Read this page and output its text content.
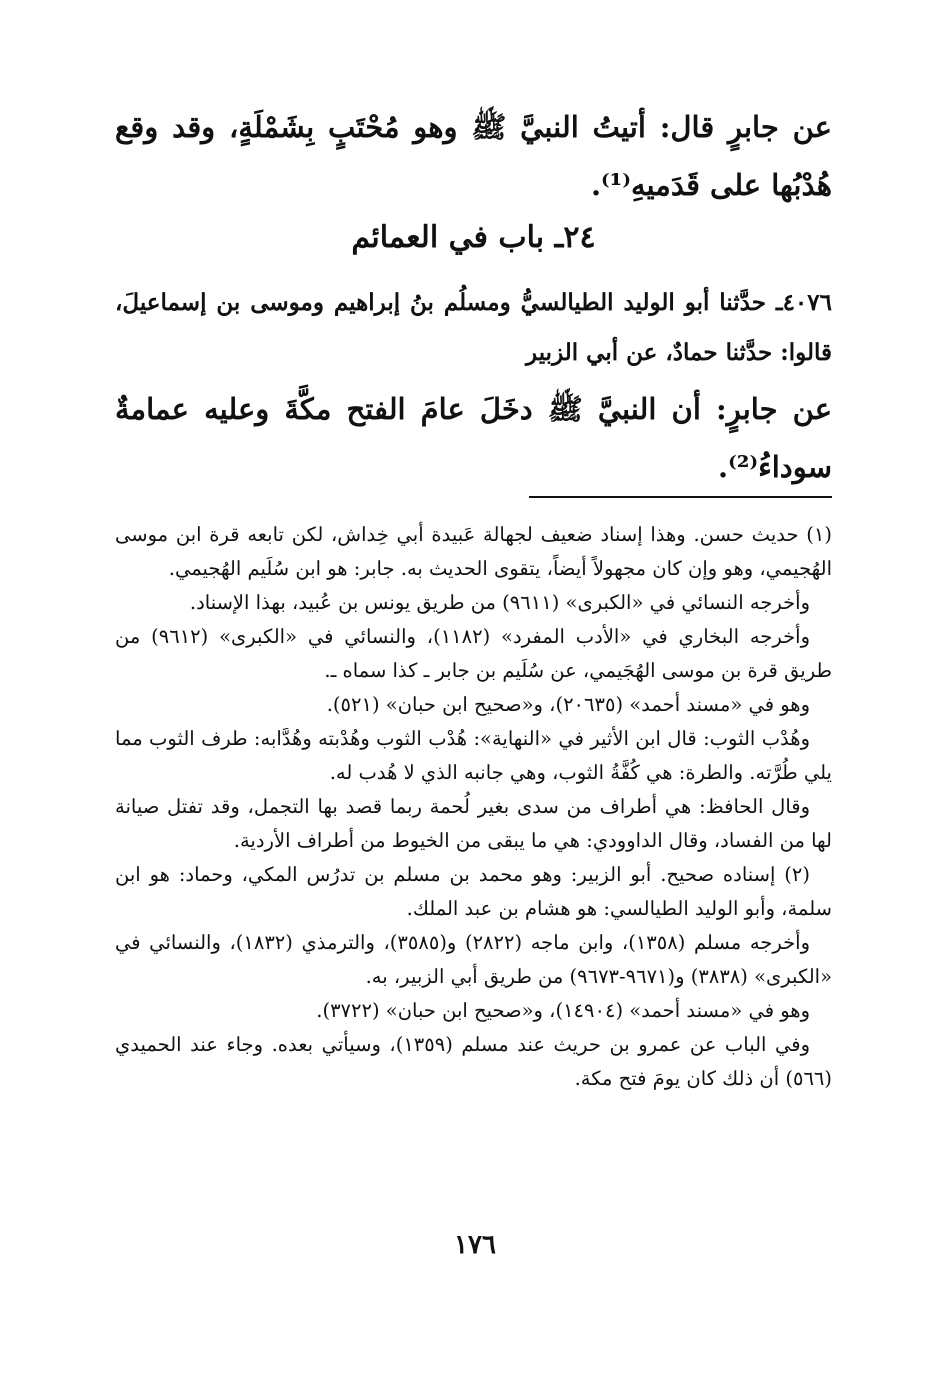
عن جابرٍ قال: أتيتُ النبيَّ ﷺ وهو مُحْتَبٍ بِشَمْلَةٍ، وقد وقع هُدْبُها على قَدَميهِ⁽¹⁾.
٢٤ـ باب في العمائم
٤٠٧٦ـ حدَّثنا أبو الوليد الطيالسيُّ ومسلُم بنُ إبراهيم وموسى بن إسماعيلَ، قالوا: حدَّثنا حمادٌ، عن أبي الزبير
عن جابرٍ: أن النبيَّ ﷺ دخَلَ عامَ الفتح مكَّةَ وعليه عمامةٌ سوداءُ⁽²⁾.

(١) حديث حسن. وهذا إسناد ضعيف لجهالة عَبيدة أبي خِداش، لكن تابعه قرة ابن موسى الهُجيمي، وهو وإن كان مجهولاً أيضاً، يتقوى الحديث به. جابر: هو ابن سُلَيم الهُجيمي.

وأخرجه النسائي في «الكبرى» (٩٦١١) من طريق يونس بن عُبيد، بهذا الإسناد.

وأخرجه البخاري في «الأدب المفرد» (١١٨٢)، والنسائي في «الكبرى» (٩٦١٢) من طريق قرة بن موسى الهُجَيمي، عن سُلَيم بن جابر ـ كذا سماه ـ.

وهو في «مسند أحمد» (٢٠٦٣٥)، و«صحيح ابن حبان» (٥٢١).

وهُدْب الثوب: قال ابن الأثير في «النهاية»: هُدْب الثوب وهُدْبته وهُدَّابه: طرف الثوب مما يلي طُرَّته. والطرة: هي كُفَّةُ الثوب، وهي جانبه الذي لا هُدب له.

وقال الحافظ: هي أطراف من سدى بغير لُحمة ربما قصد بها التجمل، وقد تفتل صيانة لها من الفساد، وقال الداوودي: هي ما يبقى من الخيوط من أطراف الأردية.

(٢) إسناده صحيح. أبو الزبير: وهو محمد بن مسلم بن تدرُس المكي، وحماد: هو ابن سلمة، وأبو الوليد الطيالسي: هو هشام بن عبد الملك.

وأخرجه مسلم (١٣٥٨)، وابن ماجه (٢٨٢٢) و(٣٥٨٥)، والترمذي (١٨٣٢)، والنسائي في «الكبرى» (٣٨٣٨) و(٩٦٧١-٩٦٧٣) من طريق أبي الزبير، به.

وهو في «مسند أحمد» (١٤٩٠٤)، و«صحيح ابن حبان» (٣٧٢٢).

وفي الباب عن عمرو بن حريث عند مسلم (١٣٥٩)، وسيأتي بعده. وجاء عند الحميدي (٥٦٦) أن ذلك كان يومَ فتح مكة.

١٧٦
